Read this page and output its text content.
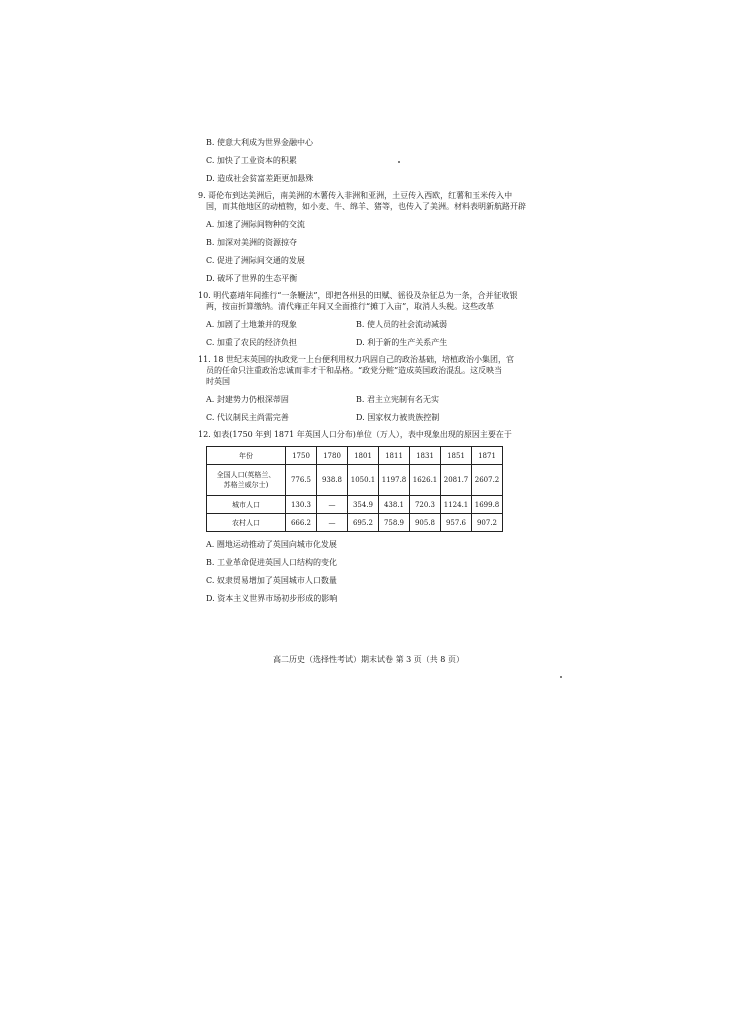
B. 使意大利成为世界金融中心
C. 加快了工业资本的积累
D. 造成社会贫富差距更加悬殊
9. 哥伦布到达美洲后，南美洲的木薯传入非洲和亚洲，土豆传入西欧，红薯和玉米传入中
国，而其他地区的动植物，如小麦、牛、绵羊、猪等，也传入了美洲。材料表明新航路开辟
A. 加速了洲际间物种的交流
B. 加深对美洲的资源掠夺
C. 促进了洲际间交通的发展
D. 破坏了世界的生态平衡
10. 明代嘉靖年间推行“一条鞭法”，即把各州县的田赋、徭役及杂征总为一条，合并征收银
两，按亩折算缴纳。清代雍正年间又全面推行“摊丁入亩”，取消人头税。这些改革
A. 加剧了土地兼并的现象	B. 使人员的社会流动减弱
C. 加重了农民的经济负担	D. 利于新的生产关系产生
11. 18 世纪末英国的执政党一上台便利用权力巩固自己的政治基础，培植政治小集团，官
员的任命只注重政治忠诚而非才干和品格。“政党分赃”造成英国政治混乱。这反映当
时英国
A. 封建势力仍根深蒂固	B. 君主立宪制有名无实
C. 代议制民主尚需完善	D. 国家权力被贵族控制
12. 如表(1750 年到 1871 年英国人口分布)单位（万人），表中现象出现的原因主要在于
年份	1750	1780	1801	1811	1831	1851	1871

全国人口(英格兰、
苏格兰威尔士)	776.5	938.8	1050.1	1197.8	1626.1	2081.7	2607.2
城市人口	130.3	—	354.9	438.1	720.3	1124.1	1699.8
农村人口	666.2	—	695.2	758.9	905.8	957.6	907.2
A. 圈地运动推动了英国向城市化发展
B. 工业革命促进英国人口结构的变化
C. 奴隶贸易增加了英国城市人口数量
D. 资本主义世界市场初步形成的影响
高二历史（选择性考试）期末试卷 第 3 页（共 8 页）
